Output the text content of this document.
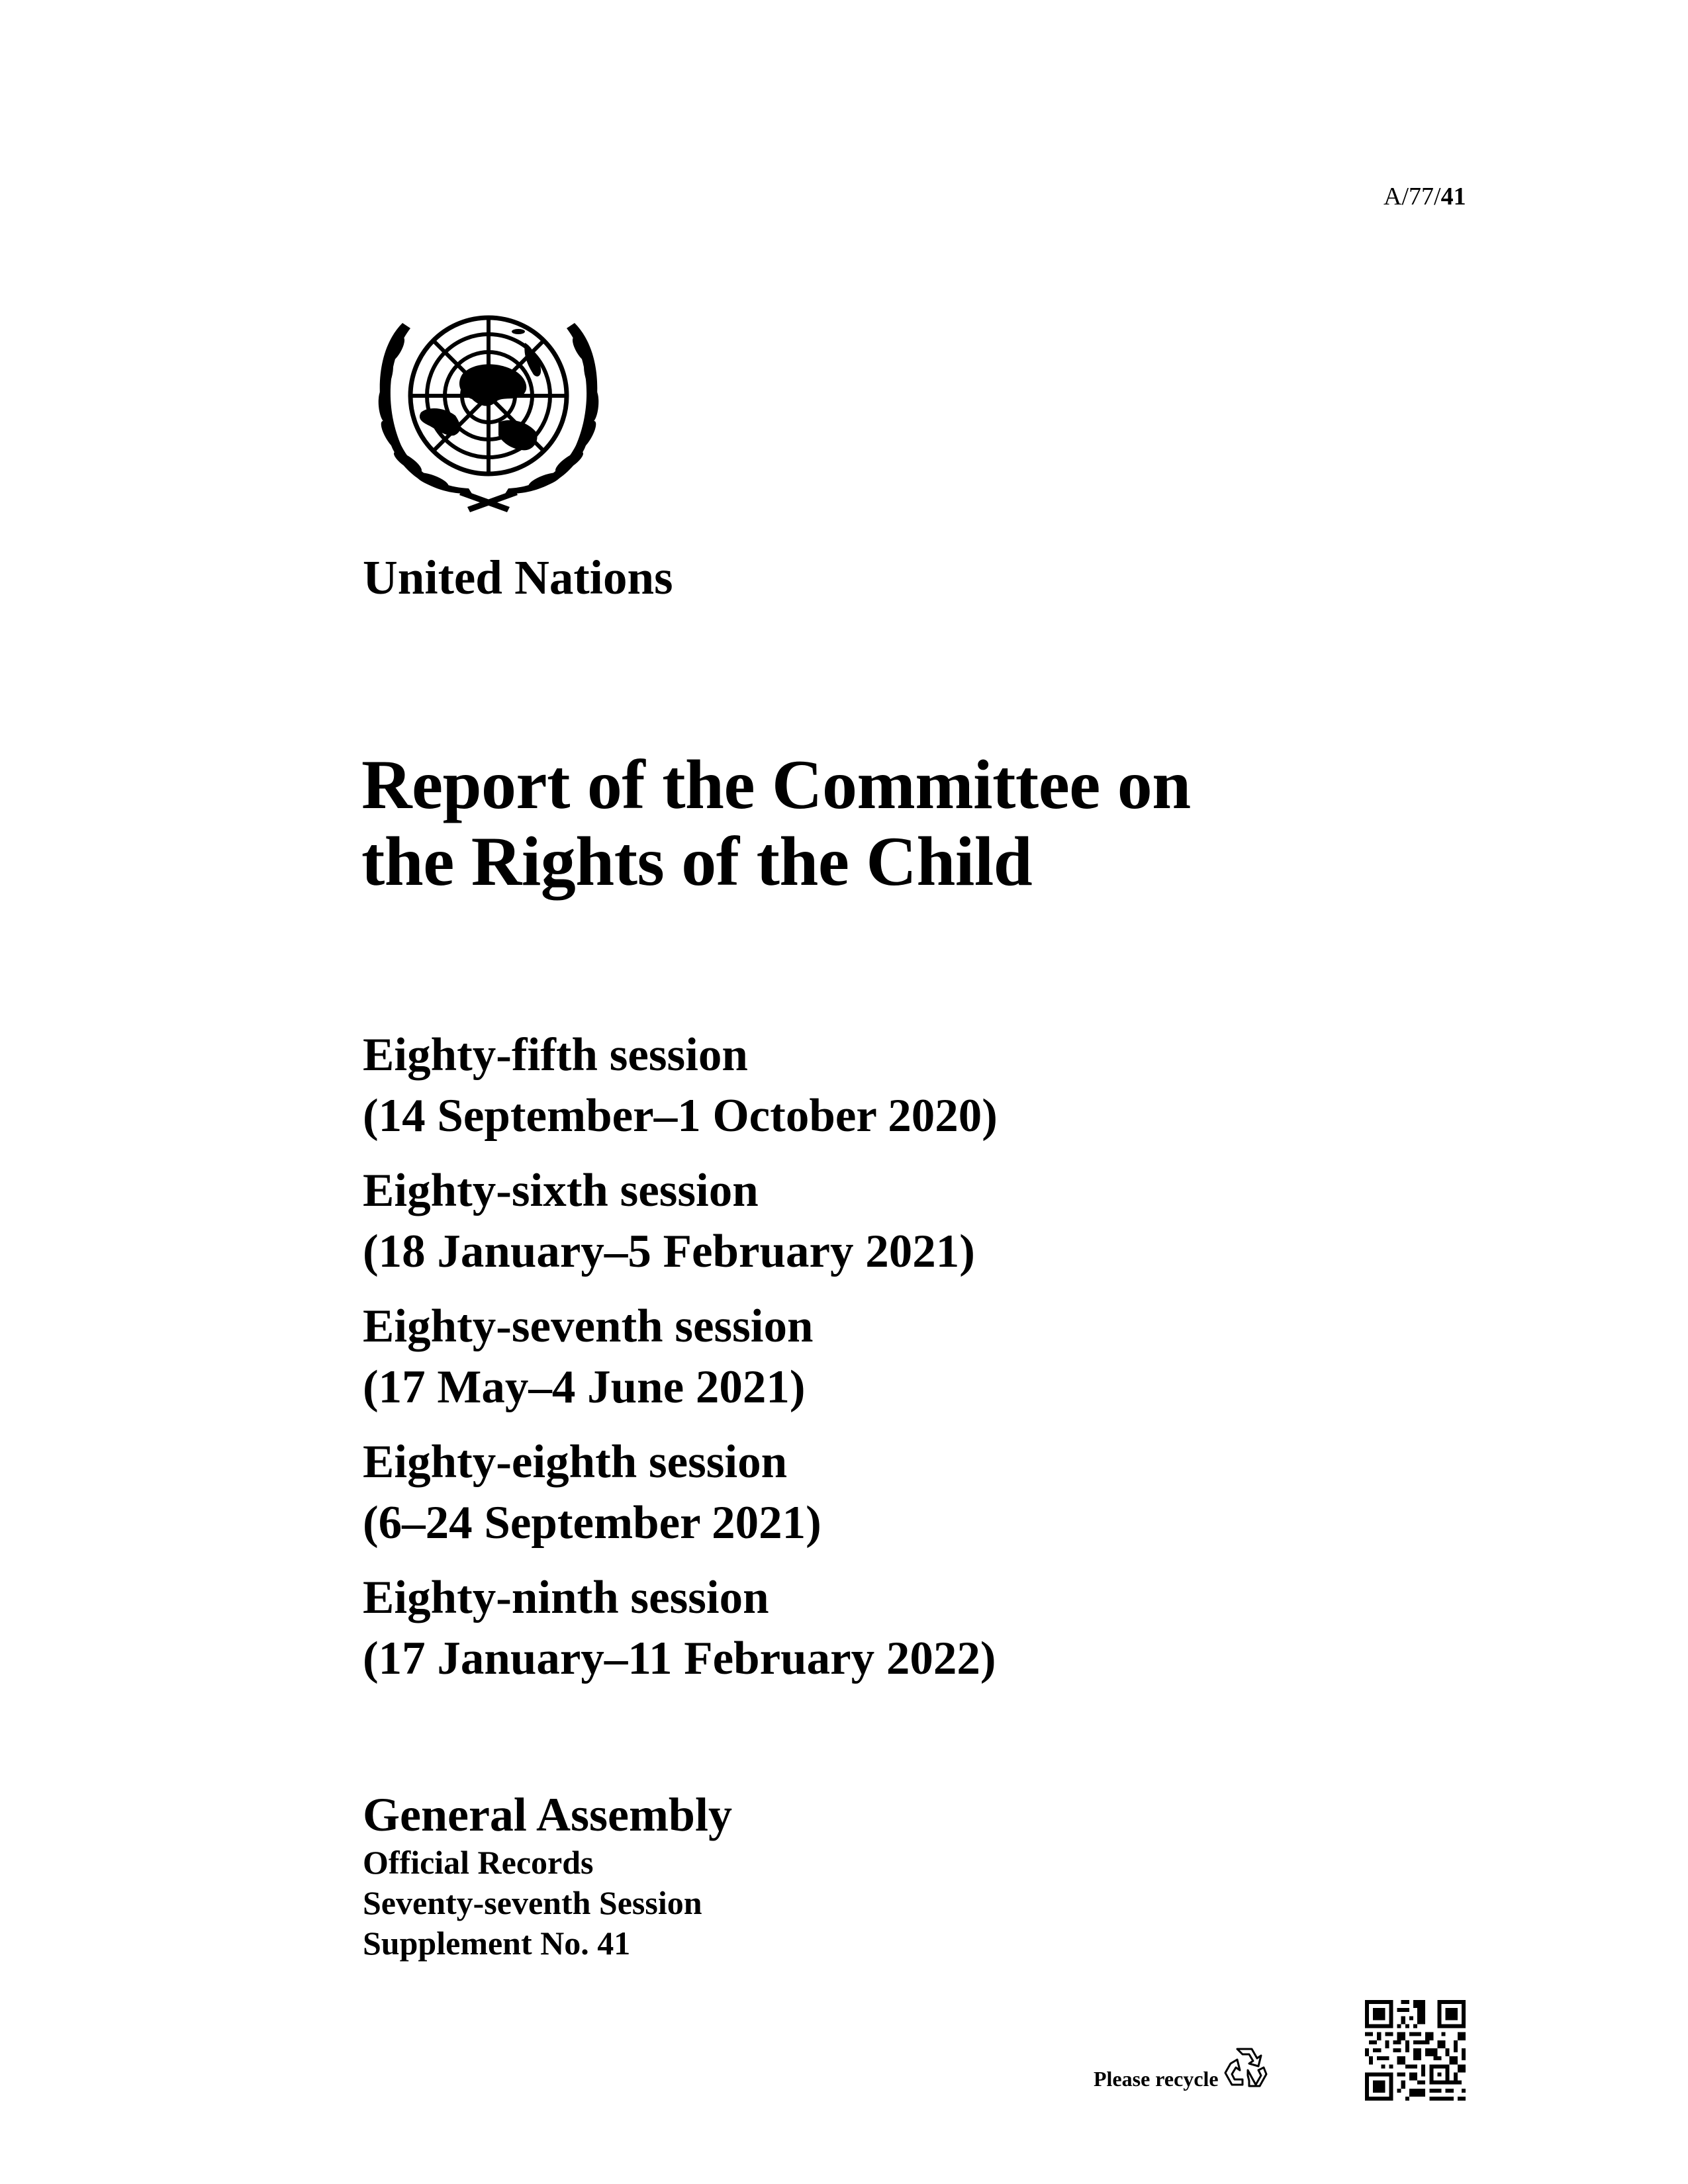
A/77/41
United Nations
Report of the Committee on
the Rights of the Child
Eighty-fifth session
(14 September–1 October 2020)
Eighty-sixth session
(18 January–5 February 2021)
Eighty-seventh session
(17 May–4 June 2021)
Eighty-eighth session
(6–24 September 2021)
Eighty-ninth session
(17 January–11 February 2022)
General Assembly
Official Records
Seventy-seventh Session
Supplement No. 41
Please recycle
